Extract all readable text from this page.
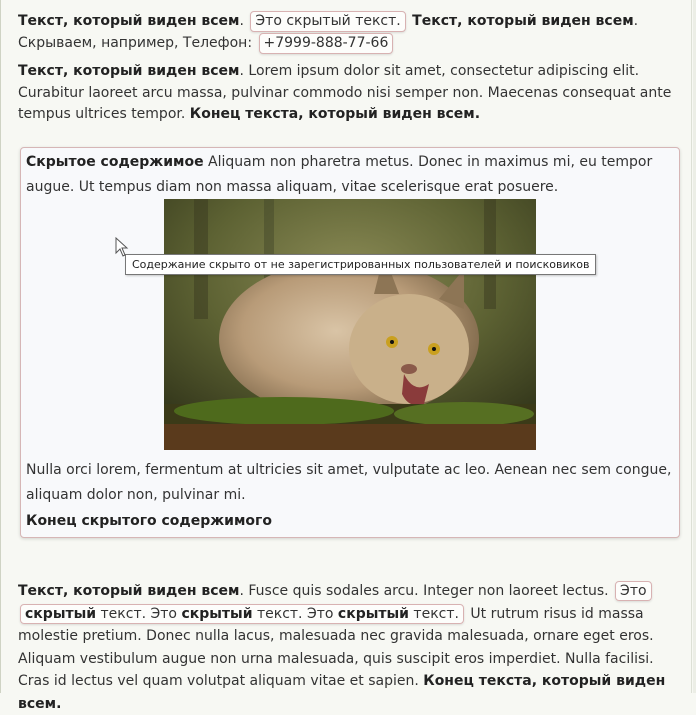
Текст, который виден всем. Это скрытый текст. Текст, который виден всем. Скрываем, например, Телефон: +7999-888-77-66
Текст, который виден всем. Lorem ipsum dolor sit amet, consectetur adipiscing elit. Curabitur laoreet arcu massa, pulvinar commodo nisi semper non. Maecenas consequat ante tempus ultrices tempor. Конец текста, который виден всем.
Скрытое содержимое Aliquam non pharetra metus. Donec in maximus mi, eu tempor augue. Ut tempus diam non massa aliquam, vitae scelerisque erat posuere.
Nulla orci lorem, fermentum at ultricies sit amet, vulputate ac leo. Aenean nec sem congue, aliquam dolor non, pulvinar mi.
Конец скрытого содержимого
Содержание скрыто от не зарегистрированных пользователей и поисковиков
Текст, который виден всем. Fusce quis sodales arcu. Integer non laoreet lectus. Это скрытый текст. Это скрытый текст. Это скрытый текст. Ut rutrum risus id massa molestie pretium. Donec nulla lacus, malesuada nec gravida malesuada, ornare eget eros. Aliquam vestibulum augue non urna malesuada, quis suscipit eros imperdiet. Nulla facilisi. Cras id lectus vel quam volutpat aliquam vitae et sapien. Конец текста, который виден всем.
